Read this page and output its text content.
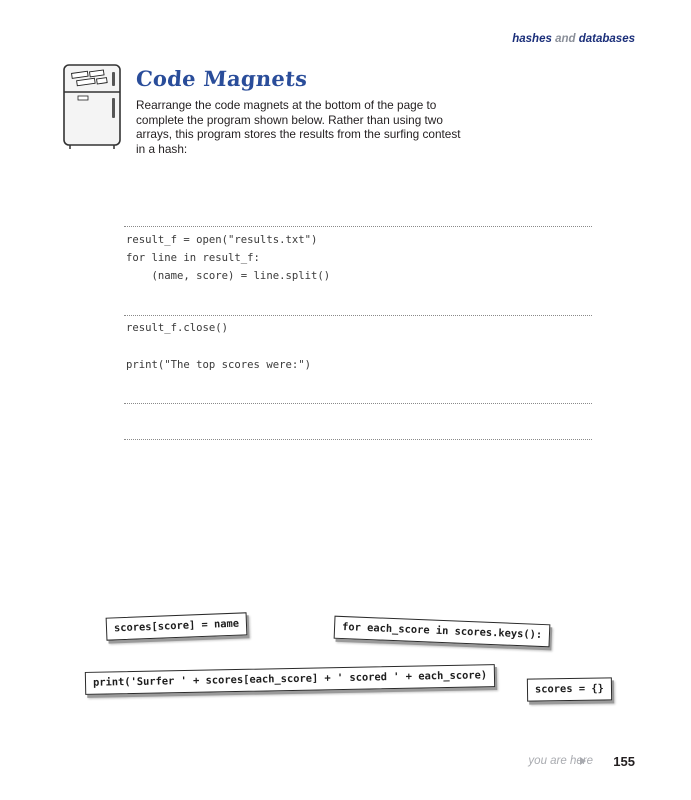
hashes and databases
Code Magnets
Rearrange the code magnets at the bottom of the page to complete the program shown below. Rather than using two arrays, this program stores the results from the surfing contest in a hash:
result_f = open("results.txt")
for line in result_f:
(name, score) = line.split()
result_f.close()
print("The top scores were:")
scores[score] = name	for each_score in scores.keys():
print('Surfer ' + scores[each_score] + ' scored ' + each_score)
scores = {}
you are here 155
